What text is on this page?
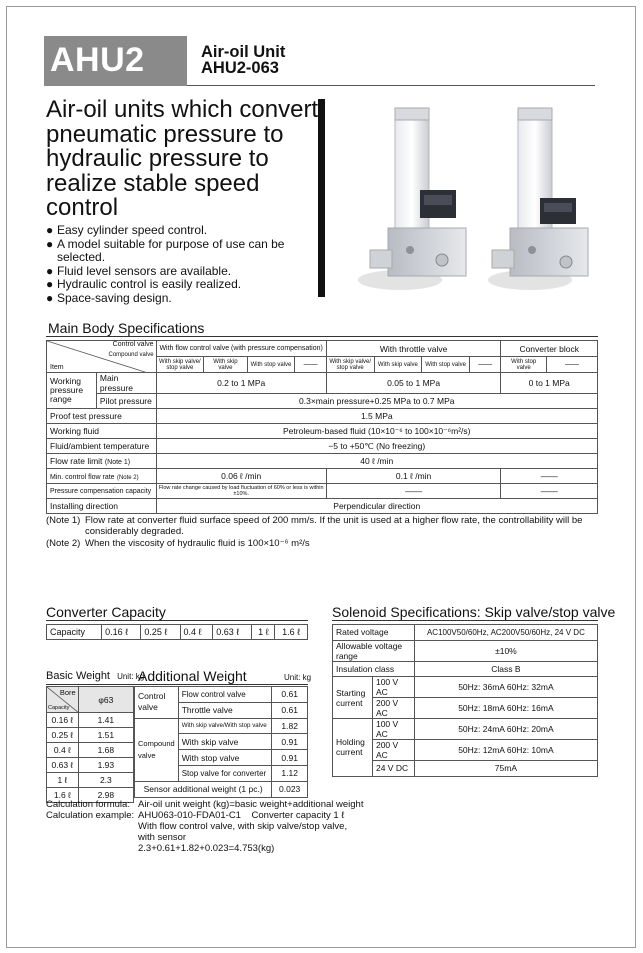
AHU2	Air-oil Unit
AHU2-063
Air-oil units which convert pneumatic pressure to hydraulic pressure to realize stable speed control
● Easy cylinder speed control.
● A model suitable for purpose of use can be selected.
● Fluid level sensors are available.
● Hydraulic control is easily realized.
● Space-saving design.
Main Body Specifications
Control valve
Compound valve
Item		With flow control valve (with pressure compensation)				With throttle valve				Converter block	
		With skip valve/ stop valve	With skip valve	With stop valve	——	With skip valve/ stop valve	With skip valve	With stop valve	——	With stop valve	——
Working pressure range	Main pressure	0.2 to 1 MPa				0.05 to 1 MPa				0 to 1 MPa	
	Pilot pressure	0.3×main pressure+0.25 MPa to 0.7 MPa									
Proof test pressure		1.5 MPa									
Working fluid		Petroleum-based fluid (10×10⁻⁶ to 100×10⁻⁶m²/s)									
Fluid/ambient temperature		−5 to +50℃ (No freezing)									
Flow rate limit (Note 1)		40 ℓ /min									
Min. control flow rate (Note 2)		0.06 ℓ /min				0.1 ℓ /min				——	
Pressure compensation capacity		Flow rate change caused by load fluctuation of 60% or less is within ±10%.				——				——	
Installing direction		Perpendicular direction									
(Note 1) Flow rate at converter fluid surface speed of 200 mm/s. If the unit is used at a higher flow rate, the controllability will be considerably degraded.
(Note 2) When the viscosity of hydraulic fluid is 100×10⁻⁶ m²/s
Converter Capacity
Capacity	0.16 ℓ	0.25 ℓ	0.4 ℓ	0.63 ℓ	1 ℓ	1.6 ℓ
Solenoid Specifications: Skip valve/stop valve
Rated voltage		AC100V50/60Hz, AC200V50/60Hz, 24 V DC
Allowable voltage range		±10%
Insulation class		Class B
Starting current	100 V AC	50Hz: 36mA 60Hz: 32mA
	200 V AC	50Hz: 18mA 60Hz: 16mA
Holding current	100 V AC	50Hz: 24mA 60Hz: 20mA
	200 V AC	50Hz: 12mA 60Hz: 10mA
	24 V DC	75mA
Basic Weight Unit: kg
Bore
Capacity	φ63
0.16 ℓ	1.41
0.25 ℓ	1.51
0.4 ℓ	1.68
0.63 ℓ	1.93
1 ℓ	2.3
1.6 ℓ	2.98
Additional Weight	Unit: kg
Control valve	Flow control valve	0.61
	Throttle valve	0.61
Compound valve	With skip valve/With stop valve	1.82
	With skip valve	0.91
	With stop valve	0.91
	Stop valve for converter	1.12
Sensor additional weight (1 pc.)		0.023
Calculation formula: Air-oil unit weight (kg)=basic weight+additional weight
Calculation example: AHU063-010-FDA01-C1    Converter capacity 1 ℓ
With flow control valve, with skip valve/stop valve,
with sensor
2.3+0.61+1.82+0.023=4.753(kg)
